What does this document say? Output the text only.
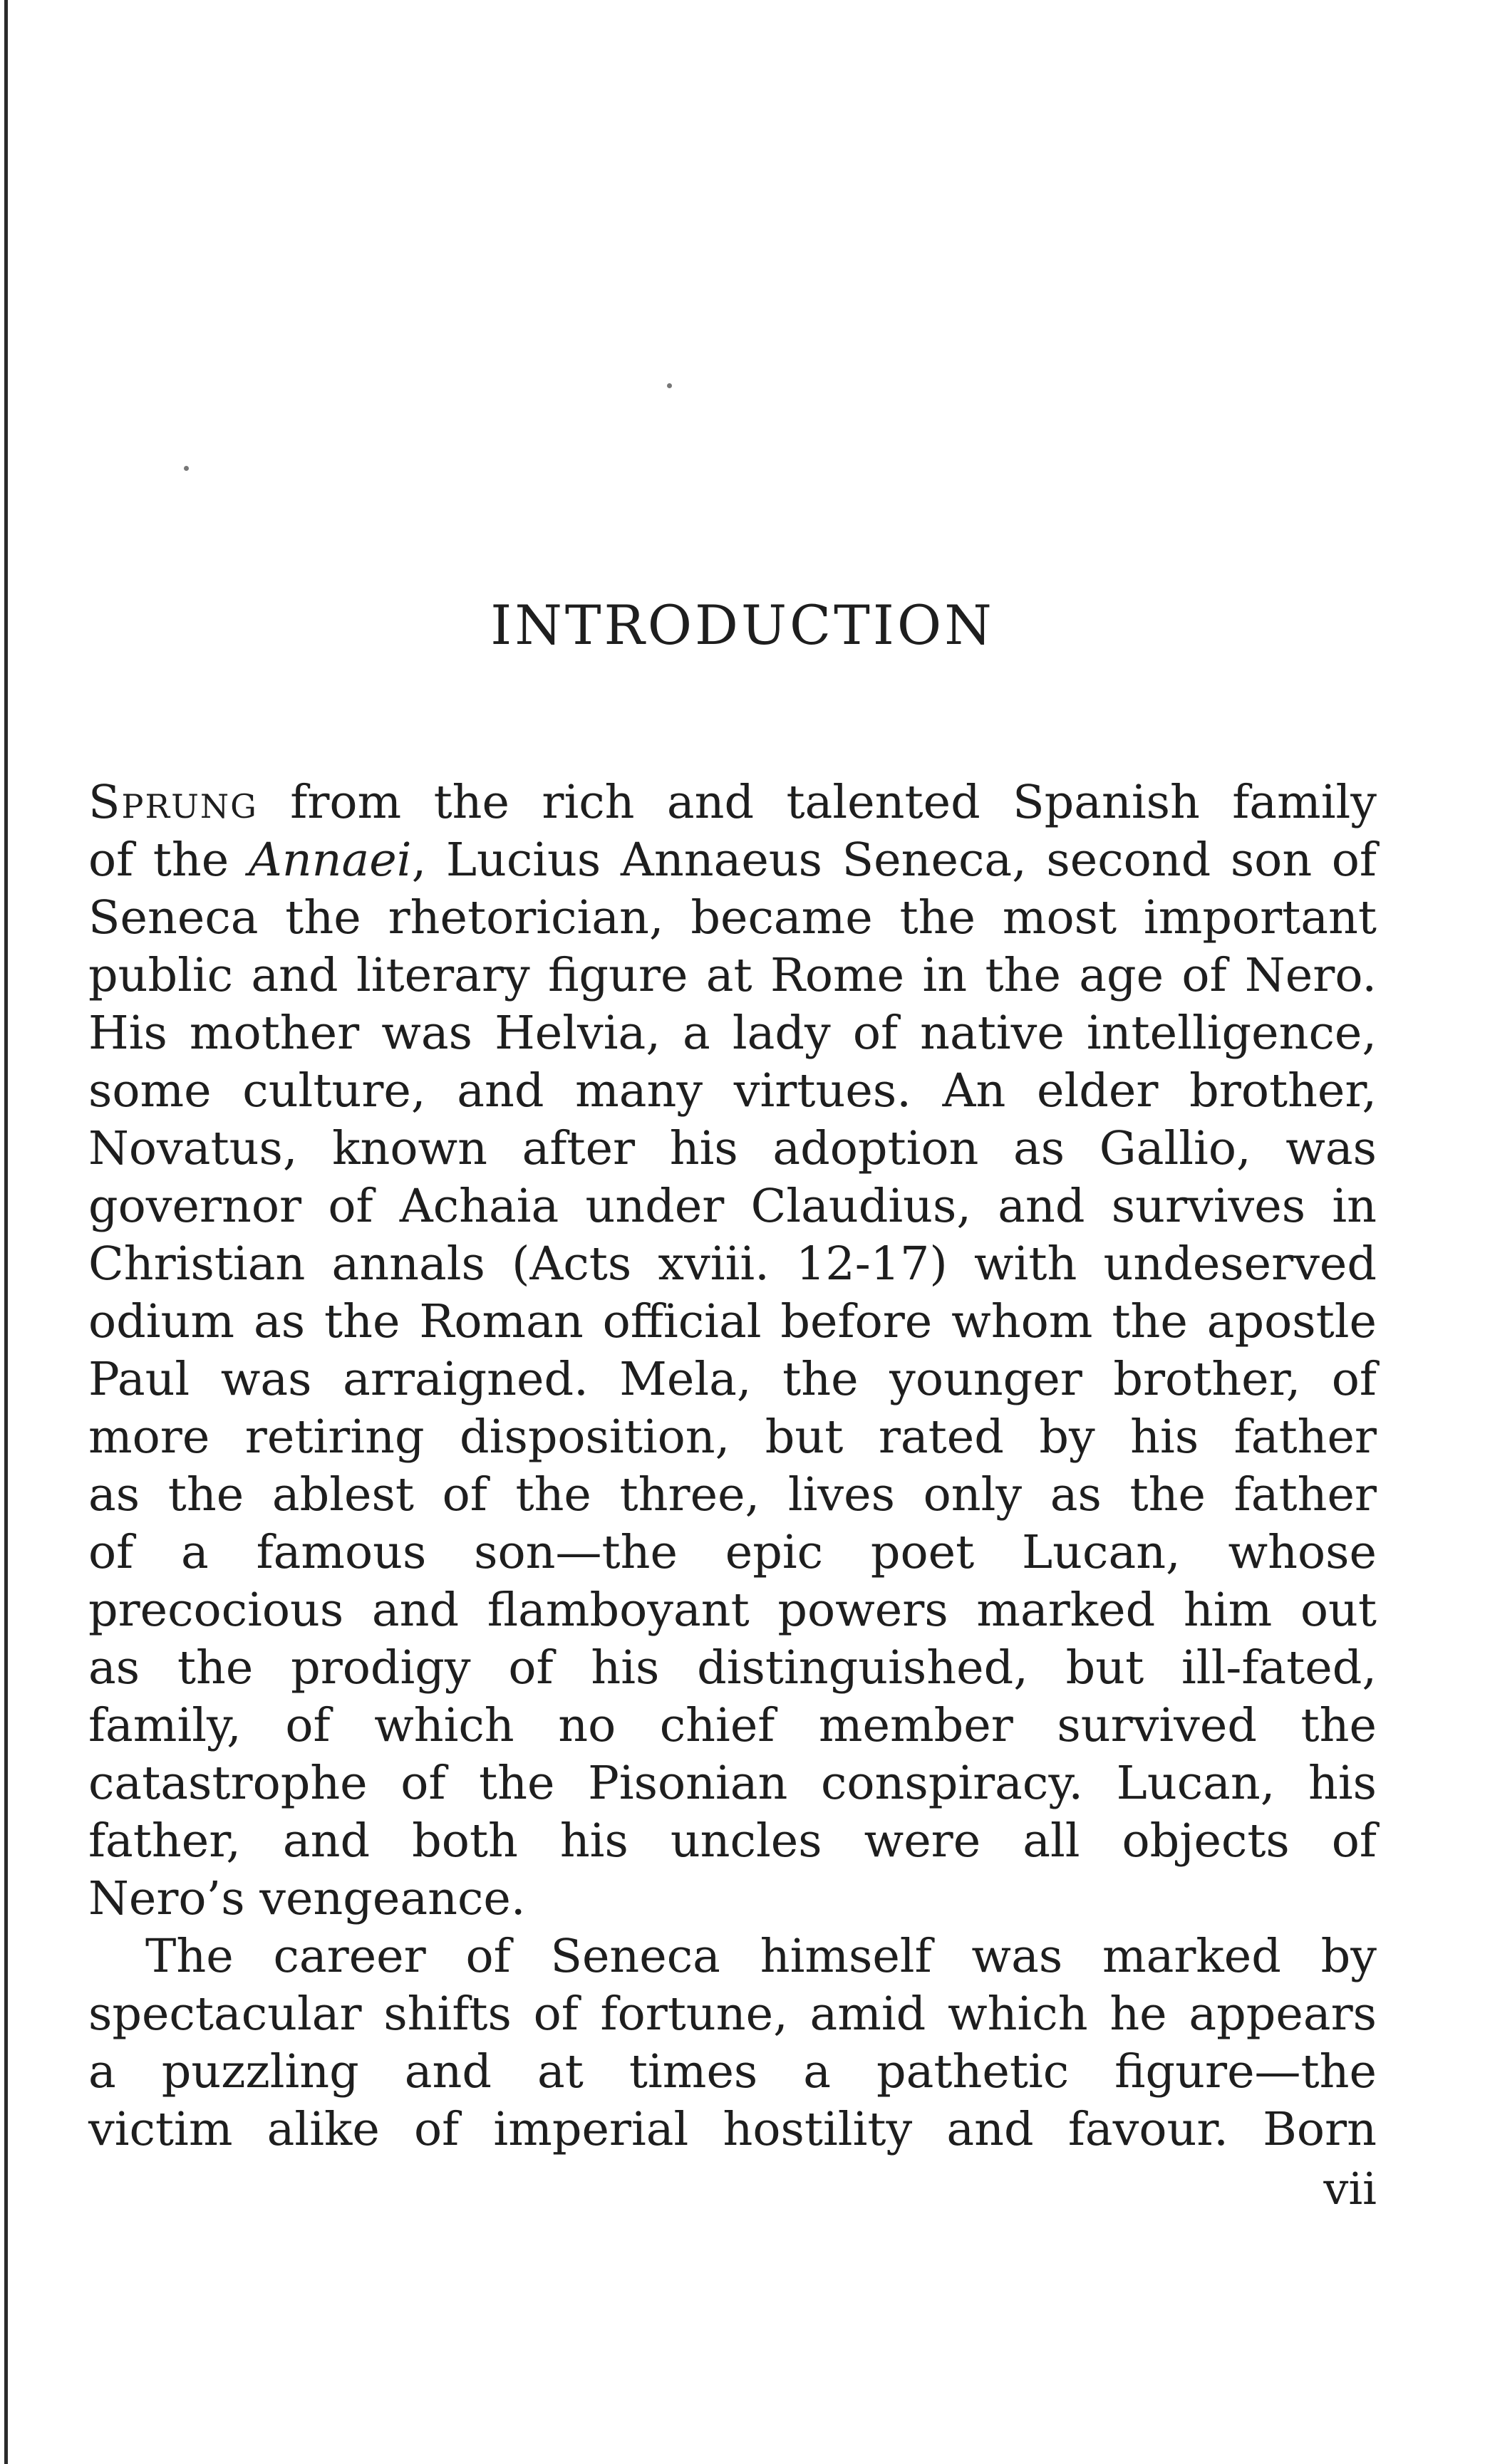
INTRODUCTION
Sprung from the rich and talented Spanish family
of the Annaei, Lucius Annaeus Seneca, second son of
Seneca the rhetorician, became the most important
public and literary figure at Rome in the age of Nero.
His mother was Helvia, a lady of native intelligence,
some culture, and many virtues. An elder brother,
Novatus, known after his adoption as Gallio, was
governor of Achaia under Claudius, and survives in
Christian annals (Acts xviii. 12-17) with undeserved
odium as the Roman official before whom the apostle
Paul was arraigned. Mela, the younger brother, of
more retiring disposition, but rated by his father
as the ablest of the three, lives only as the father
of a famous son—the epic poet Lucan, whose
precocious and flamboyant powers marked him out
as the prodigy of his distinguished, but ill-fated,
family, of which no chief member survived the
catastrophe of the Pisonian conspiracy. Lucan, his
father, and both his uncles were all objects of
Nero’s vengeance.
The career of Seneca himself was marked by
spectacular shifts of fortune, amid which he appears
a puzzling and at times a pathetic figure—the
victim alike of imperial hostility and favour. Born
vii
